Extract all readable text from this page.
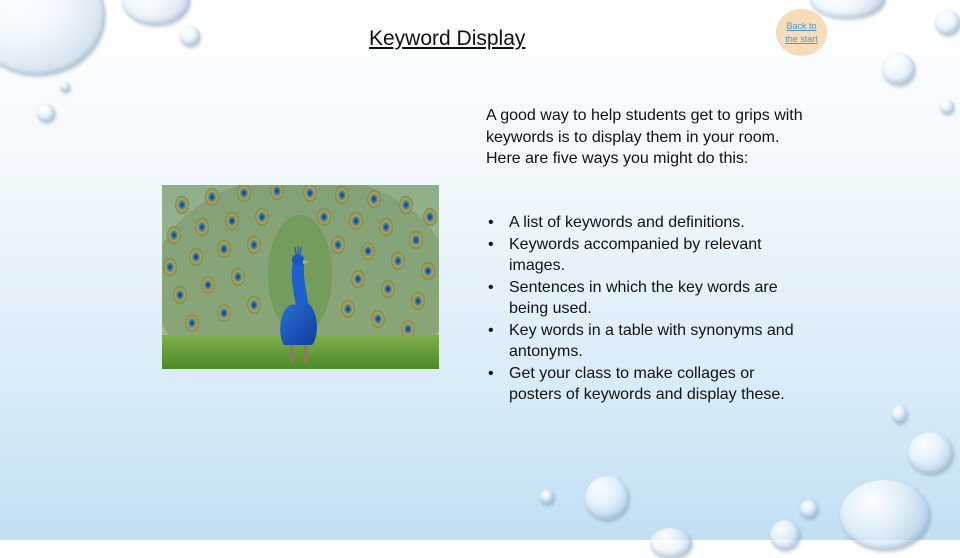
Keyword Display
Back to the start

A good way to help students get to grips with keywords is to display them in your room. Here are five ways you might do this:

• A list of keywords and definitions.
• Keywords accompanied by relevant images.
• Sentences in which the key words are being used.
• Key words in a table with synonyms and antonyms.
• Get your class to make collages or posters of keywords and display these.
